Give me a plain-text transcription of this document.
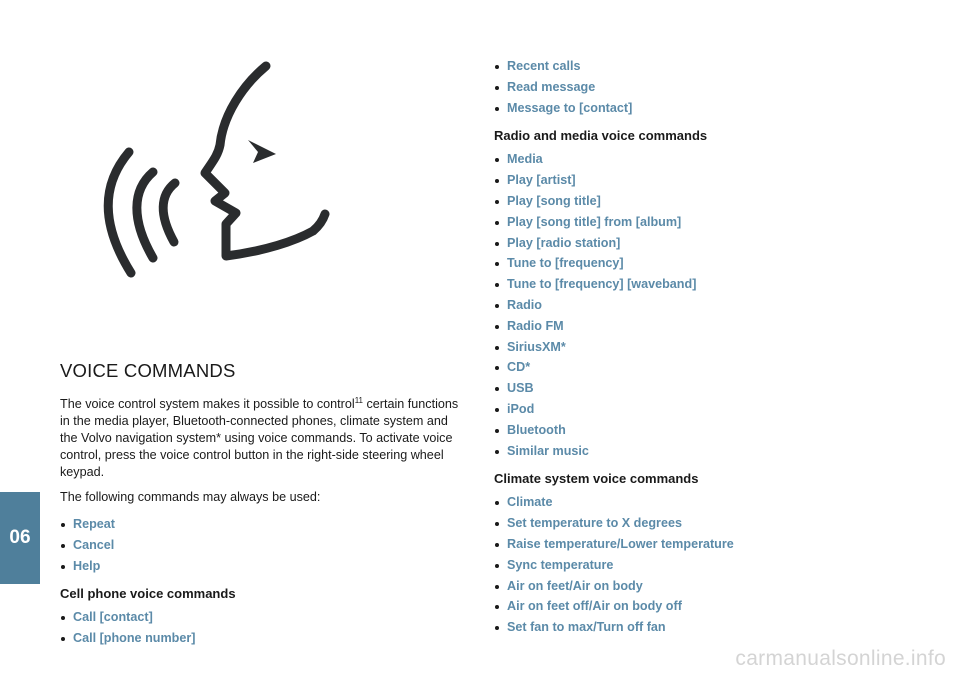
06
VOICE COMMANDS

The voice control system makes it possible to control$^{11}$ certain functions in the media player, Bluetooth-connected phones, climate system and the Volvo navigation system* using voice commands. To activate voice control, press the voice control button in the right-side steering wheel keypad.

The following commands may always be used:

Repeat
Cancel
Help
Cell phone voice commands
Call [contact]
Call [phone number]
Recent calls
Read message
Message to [contact]
Radio and media voice commands
Media
Play [artist]
Play [song title]
Play [song title] from [album]
Play [radio station]
Tune to [frequency]
Tune to [frequency] [waveband]
Radio
Radio FM
SiriusXM*
CD*
USB
iPod
Bluetooth
Similar music
Climate system voice commands
Climate
Set temperature to X degrees
Raise temperature/Lower temperature
Sync temperature
Air on feet/Air on body
Air on feet off/Air on body off
Set fan to max/Turn off fan
carmanualsonline.info
